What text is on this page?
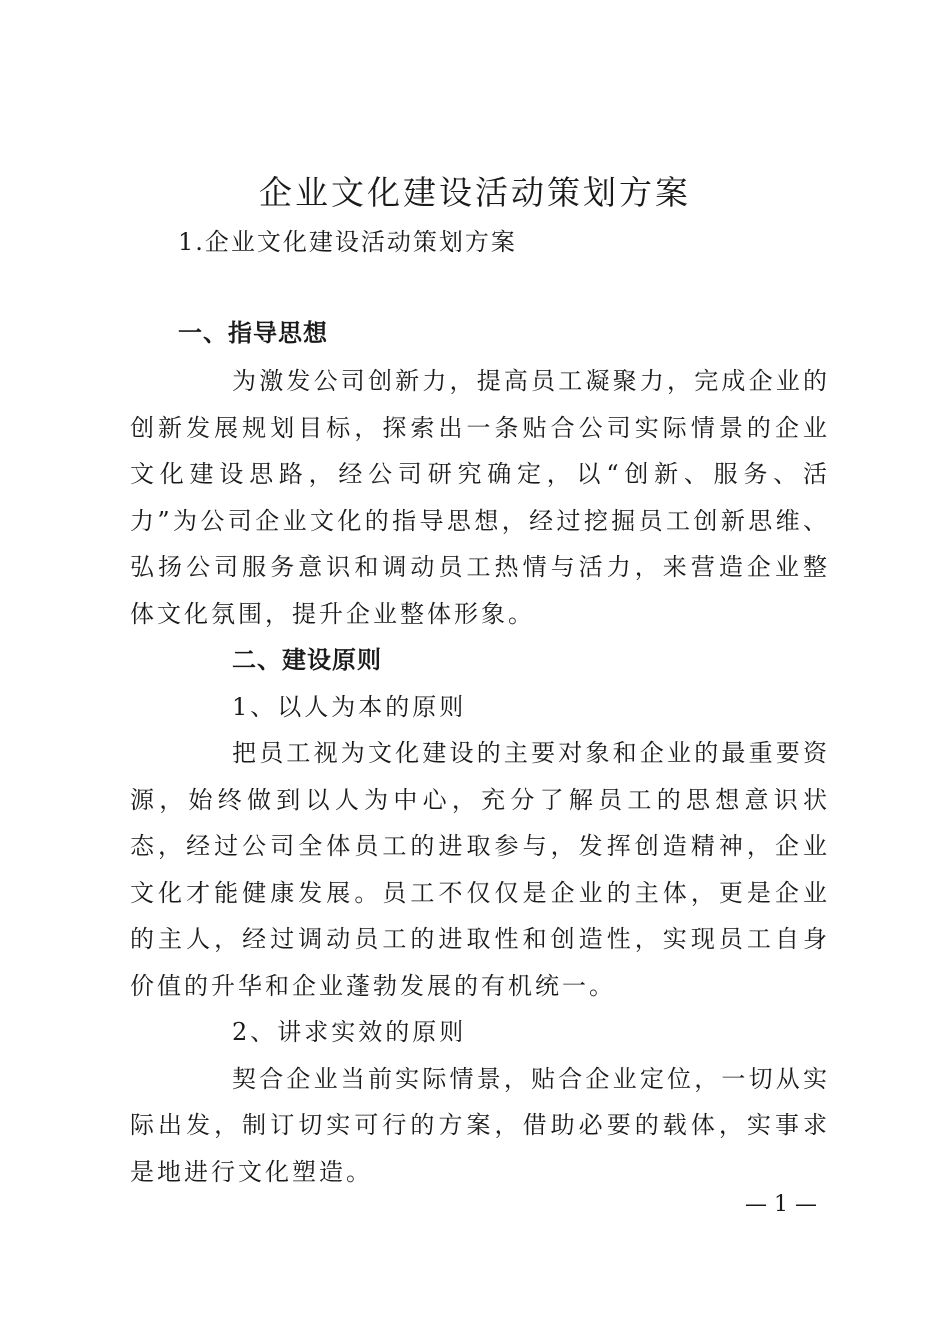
企业文化建设活动策划方案
1.企业文化建设活动策划方案
一、指导思想

为激发公司创新力，提高员工凝聚力，完成企业的创新发展规划目标，探索出一条贴合公司实际情景的企业文化建设思路，经公司研究确定，以“创新、服务、活力”为公司企业文化的指导思想，经过挖掘员工创新思维、弘扬公司服务意识和调动员工热情与活力，来营造企业整体文化氛围，提升企业整体形象。

二、建设原则

1、以人为本的原则

把员工视为文化建设的主要对象和企业的最重要资源，始终做到以人为中心，充分了解员工的思想意识状态，经过公司全体员工的进取参与，发挥创造精神，企业文化才能健康发展。员工不仅仅是企业的主体，更是企业的主人，经过调动员工的进取性和创造性，实现员工自身价值的升华和企业蓬勃发展的有机统一。

2、讲求实效的原则

契合企业当前实际情景，贴合企业定位，一切从实际出发，制订切实可行的方案，借助必要的载体，实事求是地进行文化塑造。

— 1 —
